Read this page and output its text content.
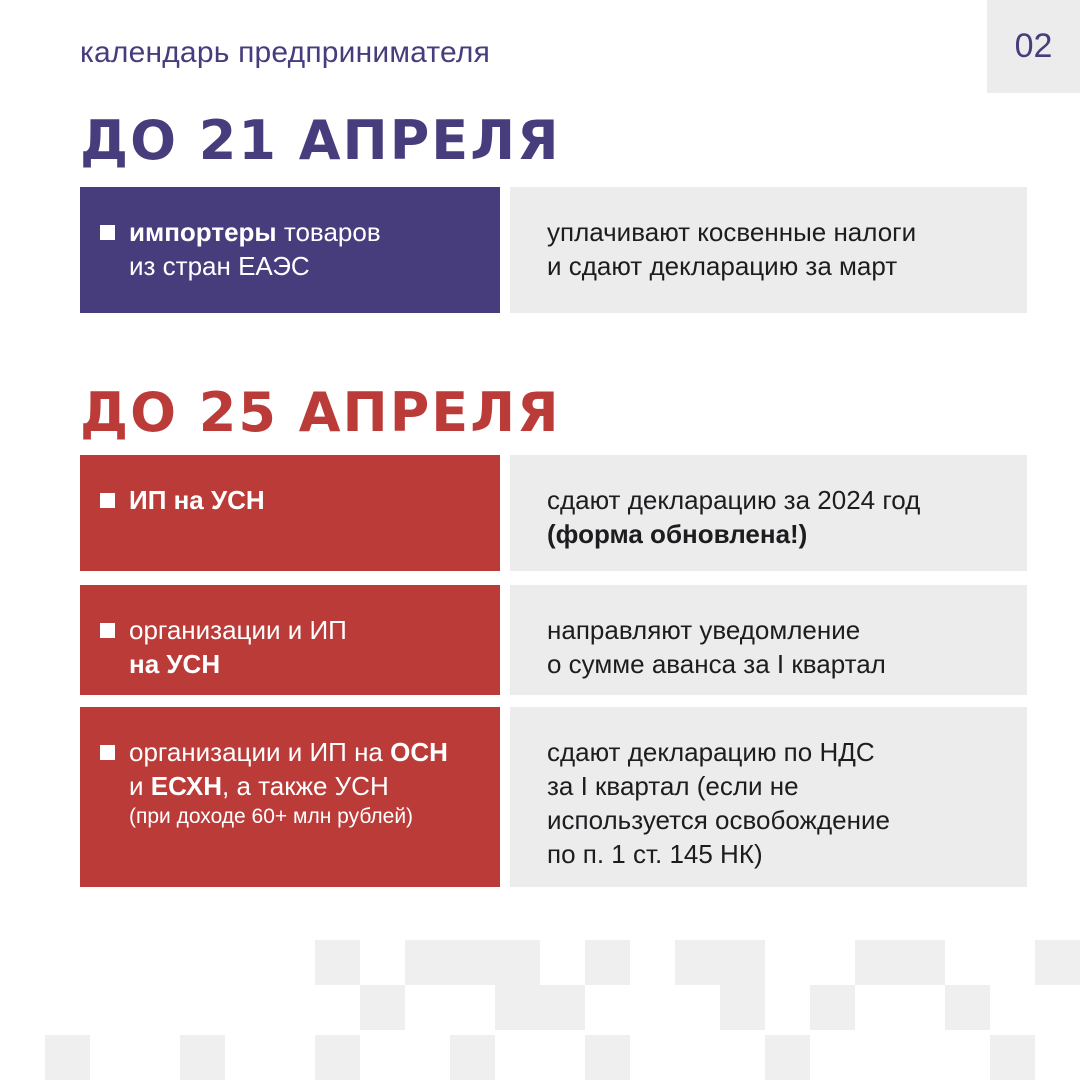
календарь предпринимателя	02
ДО 21 АПРЕЛЯ
импортеры товаров
из стран ЕАЭС
уплачивают косвенные налоги
и сдают декларацию за март
ДО 25 АПРЕЛЯ
ИП на УСН	сдают декларацию за 2024 год
(форма обновлена!)
организации и ИП
на УСН
направляют уведомление
о сумме аванса за I квартал
организации и ИП на ОСН
и ЕСХН, а также УСН
(при доходе 60+ млн рублей)
сдают декларацию по НДС
за I квартал (если не
используется освобождение
по п. 1 ст. 145 НК)
